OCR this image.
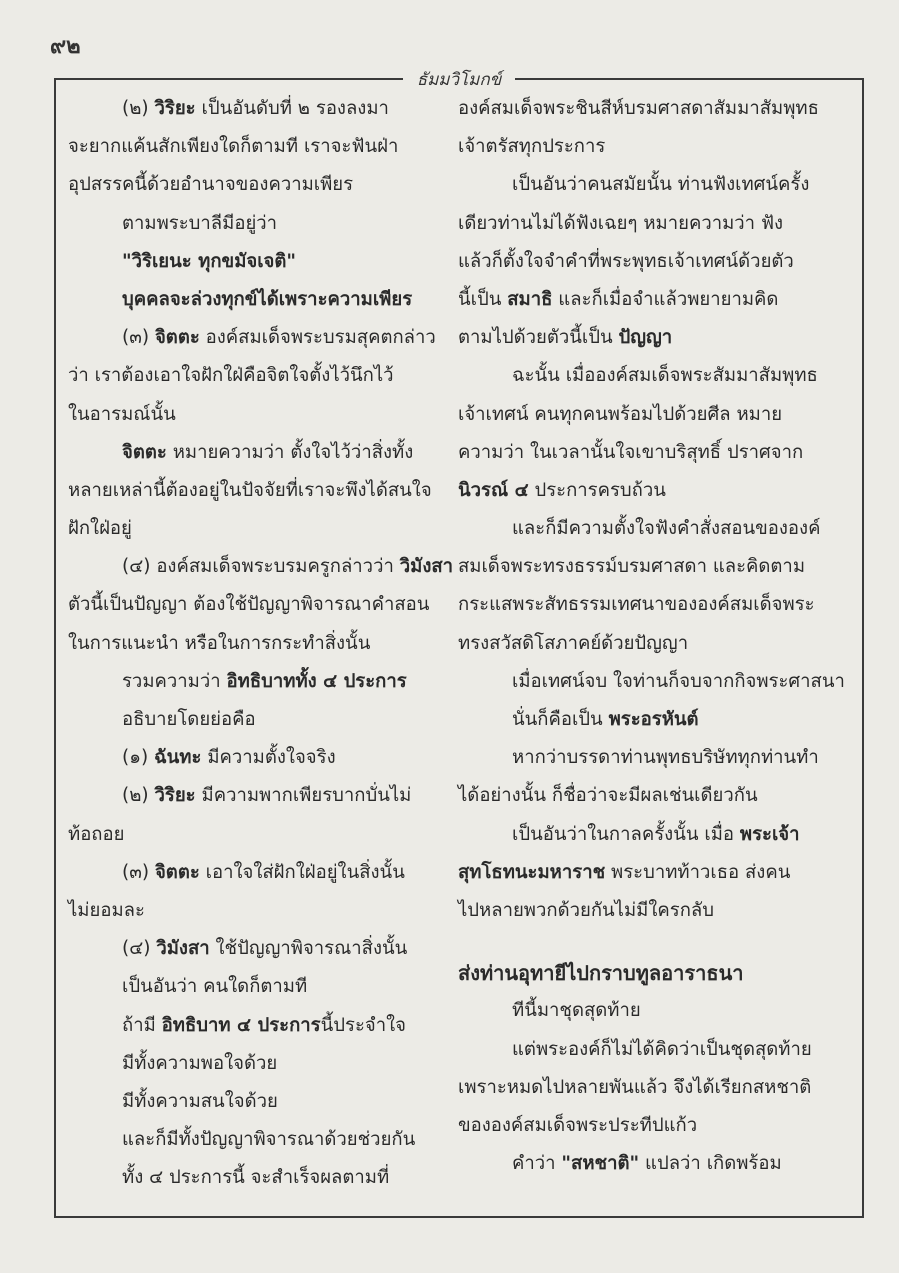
๙๒
ธัมมวิโมกข์
(๒) วิริยะ เป็นอันดับที่ ๒ รองลงมา
จะยากแค้นสักเพียงใดก็ตามที เราจะฟันฝ่า
อุปสรรคนี้ด้วยอำนาจของความเพียร
ตามพระบาลีมีอยู่ว่า
"วิริเยนะ ทุกขมัจเจติ"
บุคคลจะล่วงทุกข์ได้เพราะความเพียร
(๓) จิตตะ องค์สมเด็จพระบรมสุคตกล่าว
ว่า เราต้องเอาใจฝักใฝ่คือจิตใจตั้งไว้นึกไว้
ในอารมณ์นั้น
จิตตะ หมายความว่า ตั้งใจไว้ว่าสิ่งทั้ง
หลายเหล่านี้ต้องอยู่ในปัจจัยที่เราจะพึงได้สนใจ
ฝักใฝ่อยู่
(๔) องค์สมเด็จพระบรมครูกล่าวว่า วิมังสา
ตัวนี้เป็นปัญญา ต้องใช้ปัญญาพิจารณาคำสอน
ในการแนะนำ หรือในการกระทำสิ่งนั้น
รวมความว่า อิทธิบาททั้ง ๔ ประการ
อธิบายโดยย่อคือ
(๑) ฉันทะ มีความตั้งใจจริง
(๒) วิริยะ มีความพากเพียรบากบั่นไม่
ท้อถอย
(๓) จิตตะ เอาใจใส่ฝักใฝ่อยู่ในสิ่งนั้น
ไม่ยอมละ
(๔) วิมังสา ใช้ปัญญาพิจารณาสิ่งนั้น
เป็นอันว่า คนใดก็ตามที
ถ้ามี อิทธิบาท ๔ ประการนี้ประจำใจ
มีทั้งความพอใจด้วย
มีทั้งความสนใจด้วย
และก็มีทั้งปัญญาพิจารณาด้วยช่วยกัน
ทั้ง ๔ ประการนี้ จะสำเร็จผลตามที่
องค์สมเด็จพระชินสีห์บรมศาสดาสัมมาสัมพุทธ
เจ้าตรัสทุกประการ
เป็นอันว่าคนสมัยนั้น ท่านฟังเทศน์ครั้ง
เดียวท่านไม่ได้ฟังเฉยๆ หมายความว่า ฟัง
แล้วก็ตั้งใจจำคำที่พระพุทธเจ้าเทศน์ด้วยตัว
นี้เป็น สมาธิ และก็เมื่อจำแล้วพยายามคิด
ตามไปด้วยตัวนี้เป็น ปัญญา
ฉะนั้น เมื่อองค์สมเด็จพระสัมมาสัมพุทธ
เจ้าเทศน์ คนทุกคนพร้อมไปด้วยศีล หมาย
ความว่า ในเวลานั้นใจเขาบริสุทธิ์ ปราศจาก
นิวรณ์ ๔ ประการครบถ้วน
และก็มีความตั้งใจฟังคำสั่งสอนขององค์
สมเด็จพระทรงธรรม์บรมศาสดา และคิดตาม
กระแสพระสัทธรรมเทศนาขององค์สมเด็จพระ
ทรงสวัสดิโสภาคย์ด้วยปัญญา
เมื่อเทศน์จบ ใจท่านก็จบจากกิจพระศาสนา
นั่นก็คือเป็น พระอรหันต์
หากว่าบรรดาท่านพุทธบริษัททุกท่านทำ
ได้อย่างนั้น ก็ชื่อว่าจะมีผลเช่นเดียวกัน
เป็นอันว่าในกาลครั้งนั้น เมื่อ พระเจ้า
สุทโธทนะมหาราช พระบาทท้าวเธอ ส่งคน
ไปหลายพวกด้วยกันไม่มีใครกลับ
ส่งท่านอุทายีไปกราบทูลอาราธนา
ทีนี้มาชุดสุดท้าย
แต่พระองค์ก็ไม่ได้คิดว่าเป็นชุดสุดท้าย
เพราะหมดไปหลายพันแล้ว จึงได้เรียกสหชาติ
ขององค์สมเด็จพระประทีปแก้ว
คำว่า "สหชาติ" แปลว่า เกิดพร้อม
